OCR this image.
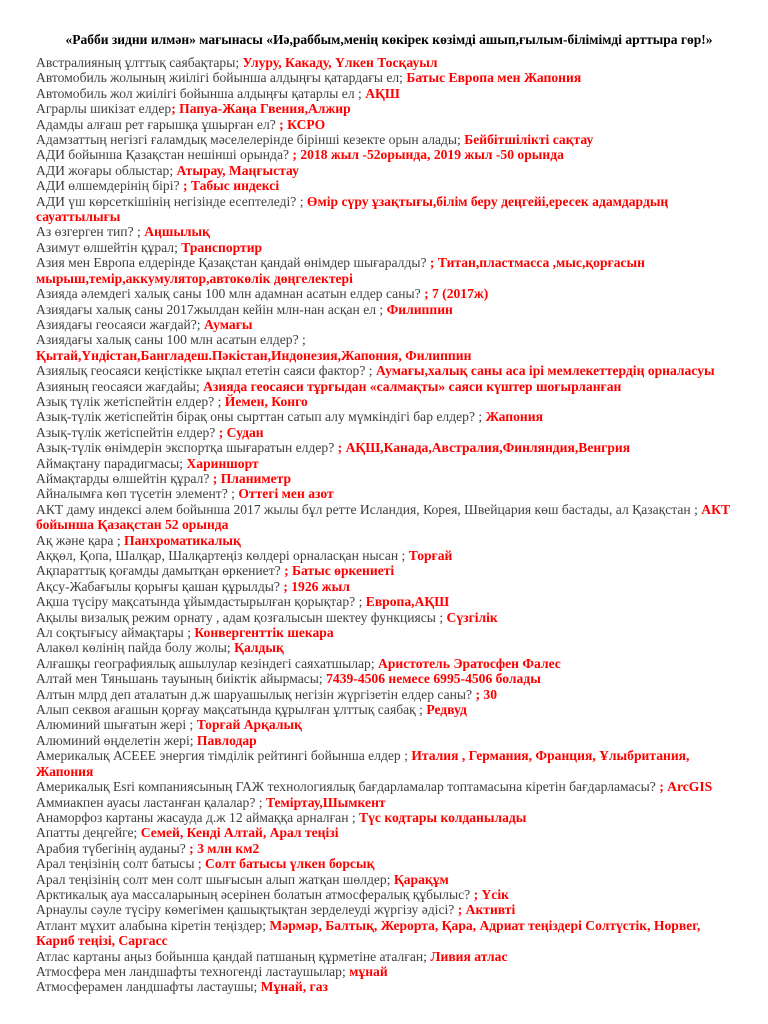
«Рабби зидни илмән» мағынасы «Иә,раббым,менің көкірек көзімді ашып,ғылым-білімімді арттыра гөр!»
Австралияның ұлттық саябақтары; Улуру, Какаду, Үлкен Тосқауыл
Автомобиль жолының жиілігі бойынша алдыңғы қатардағы ел; Батыс Европа мен Жапония
Автомобиль жол жиілігі бойынша алдыңғы қатарлы ел ; АҚШ
Аграрлы шикізат елдер; Папуа-Жаңа Гвения,Алжир
Адамды алғаш рет ғарышқа ұшырған ел? ; КСРО
Адамзаттың негізгі ғаламдық мәселелерінде бірінші кезекте орын алады; Бейбітшілікті сақтау
АДИ бойынша Қазақстан нешінші орында? ; 2018 жыл -52орында, 2019 жыл -50 орында
АДИ жоғары облыстар; Атырау, Маңғыстау
АДИ өлшемдерінің бірі? ; Табыс индексі
АДИ үш көрсеткішінің негізінде есептеледі? ; Өмір сүру ұзақтығы,білім беру деңгейі,ересек адамдардың сауаттылығы
Аз өзгерген тип? ; Аңшылық
Азимут өлшейтін құрал; Транспортир
Азия мен Европа елдерінде Қазақстан қандай өнімдер шығаралды? ; Титан,пластмасса ,мыс,қорғасын мырыш,темір,аккумулятор,автокөлік дөңгелектері
Азияда әлемдегі халық саны 100 млн адамнан асатын елдер саны? ; 7 (2017ж)
Азиядағы халық саны 2017жылдан кейін млн-нан асқан ел ; Филиппин
Азиядағы геосаяси жағдай?; Аумағы
Азиядағы халық саны 100 млн асатын елдер? ;
Қытай,Үндістан,Бангладеш.Пәкістан,Индонезия,Жапония, Филиппин
Азиялық геосаяси кеңістікке ықпал ететін саяси фактор? ; Аумағы,халық саны аса ірі мемлекеттердің орналасуы
Азияның геосаяси жағдайы; Азияда геосаяси тұрғыдан «салмақты» саяси күштер шоғырланған
Азық түлік жетіспейтін елдер? ; Йемен, Конго
Азық-түлік жетіспейтін бірақ оны сырттан сатып алу мүмкіндігі бар елдер? ; Жапония
Азық-түлік жетіспейтін елдер? ; Судан
Азық-түлік өнімдерін экспортқа шығаратын елдер? ; АҚШ,Канада,Австралия,Финляндия,Венгрия
Аймақтану парадигмасы; Хариншорт
Аймақтарды өлшейтін құрал? ; Планиметр
Айналымға көп түсетін элемент? ; Оттегі мен азот
АКТ даму индексі әлем бойынша 2017 жылы бұл ретте Исландия, Корея, Швейцария көш бастады, ал Қазақстан ; АКТ бойынша Қазақстан 52 орында
Ақ және қара ; Панхроматикалық
Аққөл, Қопа, Шалқар, Шалқартеңіз көлдері орналасқан нысан ; Торғай
Ақпараттық қоғамды дамытқан өркениет? ; Батыс өркениеті
Ақсу-Жабағылы қорығы қашан құрылды? ; 1926 жыл
Ақша түсіру мақсатында ұйымдастырылған қорықтар? ; Европа,АҚШ
Ақылы визалық режим орнату , адам қозғалысын шектеу функциясы ; Сүзгілік
Ал соқтығысу аймақтары ; Конвергенттік шекара
Алакөл көлінің пайда болу жолы; Қалдық
Алғашқы географиялық ашылулар кезіндегі саяхатшылар; Аристотель Эратосфен Фалес
Алтай мен Тяньшань тауының биіктік айырмасы; 7439-4506 немесе 6995-4506 болады
Алтын млрд деп аталатын д.ж шаруашылық негізін жүргізетін елдер саны? ; 30
Алып секвоя ағашын қорғау мақсатында құрылған ұлттық саябақ ; Редвуд
Алюминий шығатын жері ; Торғай Арқалық
Алюминий өңделетін жері; Павлодар
Америкалық АСЕЕЕ энергия тімділік рейтингі бойынша елдер ; Италия , Германия, Франция, Ұлыбритания, Жапония
Америкалық Esri компаниясының ГАЖ технологиялық бағдарламалар топтамасына кіретін бағдарламасы? ; ArcGIS
Аммиакпен ауасы ластанған қалалар? ; Теміртау,Шымкент
Анаморфоз картаны жасауда д.ж 12 аймаққа арналған ; Түс кодтары колданылады
Апатты деңгейге; Семей, Кенді Алтай, Арал теңізі
Арабия түбегінің ауданы? ; 3 млн км2
Арал теңізінің солт батысы ; Солт батысы үлкен борсық
Арал теңізінің солт мен солт шығысын алып жатқан шөлдер; Қарақұм
Арктикалық ауа массаларының әсерінен болатын атмосфералық құбылыс? ; Үсік
Арнаулы сәуле түсіру көмегімен қашықтықтан зерделеуді жүргізу әдісі? ; Активті
Атлант мұхит алабына кіретін теңіздер; Мәрмәр, Балтық, Жерорта, Қара, Адриат теңіздері Солтүстік, Норвег, Кариб теңізі, Саргасс
Атлас картаны аңыз бойынша қандай патшаның құрметіне аталған; Ливия атлас
Атмосфера мен ландшафты техногенді ластаушылар; мұнай
Атмосферамен ландшафты ластаушы; Мұнай, газ
